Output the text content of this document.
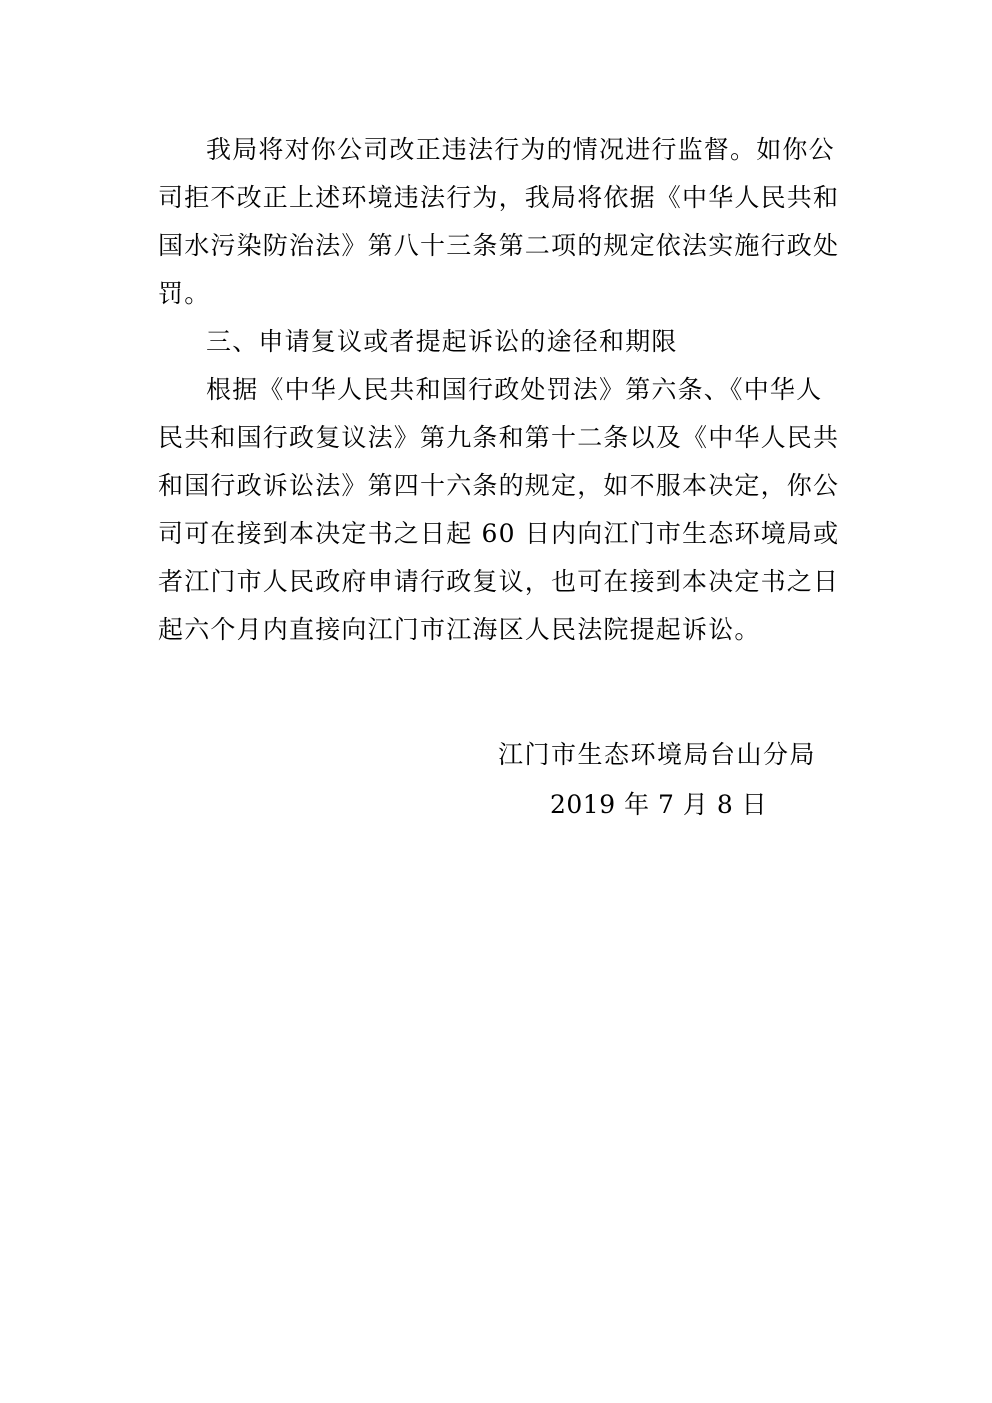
我局将对你公司改正违法行为的情况进行监督。如你公
司拒不改正上述环境违法行为，我局将依据《中华人民共和
国水污染防治法》第八十三条第二项的规定依法实施行政处
罚。
三、申请复议或者提起诉讼的途径和期限
根据《中华人民共和国行政处罚法》第六条、《中华人
民共和国行政复议法》第九条和第十二条以及《中华人民共
和国行政诉讼法》第四十六条的规定，如不服本决定，你公
司可在接到本决定书之日起 60 日内向江门市生态环境局或
者江门市人民政府申请行政复议，也可在接到本决定书之日
起六个月内直接向江门市江海区人民法院提起诉讼。
江门市生态环境局台山分局
2019 年 7 月 8 日
